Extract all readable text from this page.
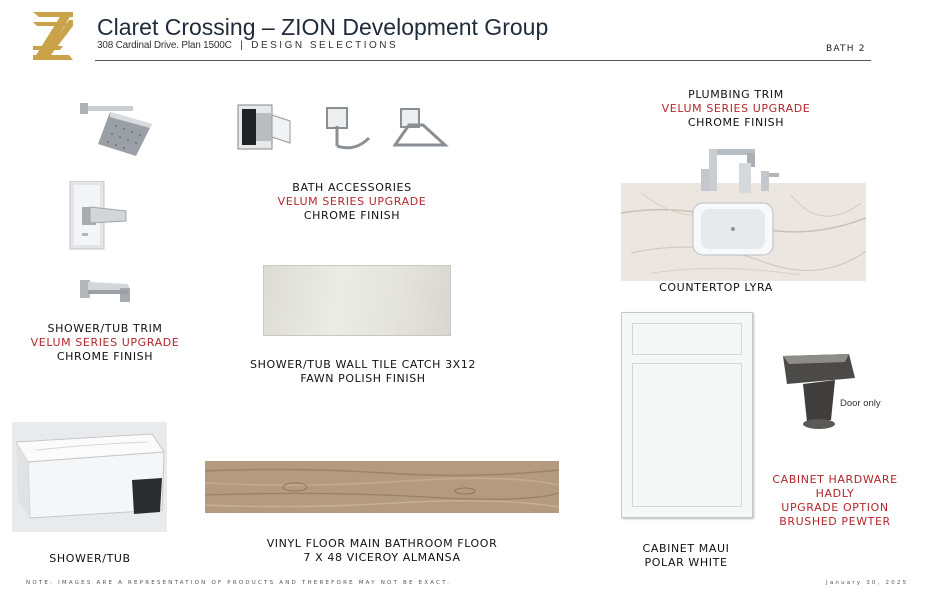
Claret Crossing – ZION Development Group
308 Cardinal Drive. Plan 1500C | DESIGN SELECTIONS	BATH 2
SHOWER/TUB TRIM
VELUM SERIES UPGRADE
CHROME FINISH
BATH ACCESSORIES
VELUM SERIES UPGRADE
CHROME FINISH
SHOWER/TUB WALL TILE CATCH 3X12
FAWN POLISH FINISH
PLUMBING TRIM
VELUM SERIES UPGRADE
CHROME FINISH
COUNTERTOP LYRA
CABINET MAUI
POLAR WHITE
Door only
CABINET HARDWARE
HADLY
UPGRADE OPTION
BRUSHED PEWTER
SHOWER/TUB
VINYL FLOOR MAIN BATHROOM FLOOR
7 X 48 VICEROY ALMANSA
NOTE: IMAGES ARE A REPRESENTATION OF PRODUCTS AND THEREFORE MAY NOT BE EXACT.	January 30, 2025
